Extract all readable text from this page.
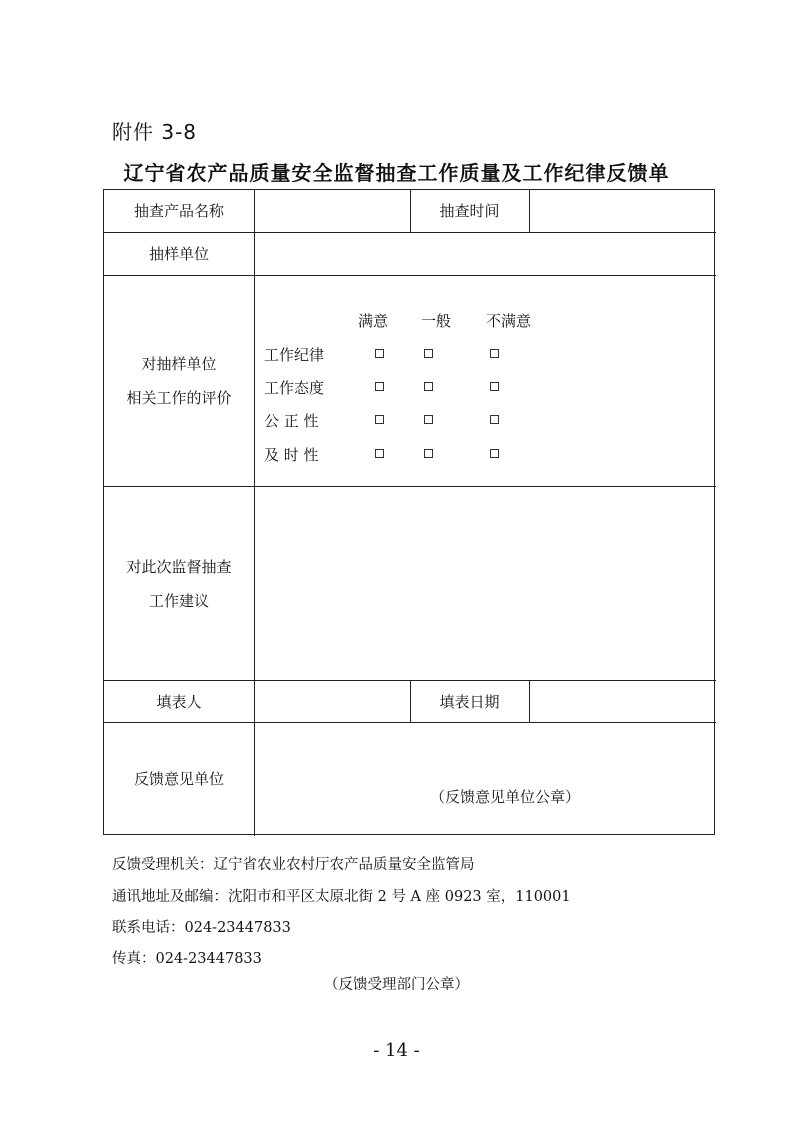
附件 3-8
辽宁省农产品质量安全监督抽查工作质量及工作纪律反馈单
抽查产品名称	抽查时间
抽样单位
对抽样单位
相关工作的评价
满意 一般 不满意
工作纪律
工作态度
公 正 性
及 时 性
对此次监督抽查
工作建议
填表人	填表日期
反馈意见单位
（反馈意见单位公章）
反馈受理机关：辽宁省农业农村厅农产品质量安全监管局
通讯地址及邮编：沈阳市和平区太原北街 2 号 A 座 0923 室，110001
联系电话：024-23447833
传真：024-23447833
（反馈受理部门公章）
- 14 -
